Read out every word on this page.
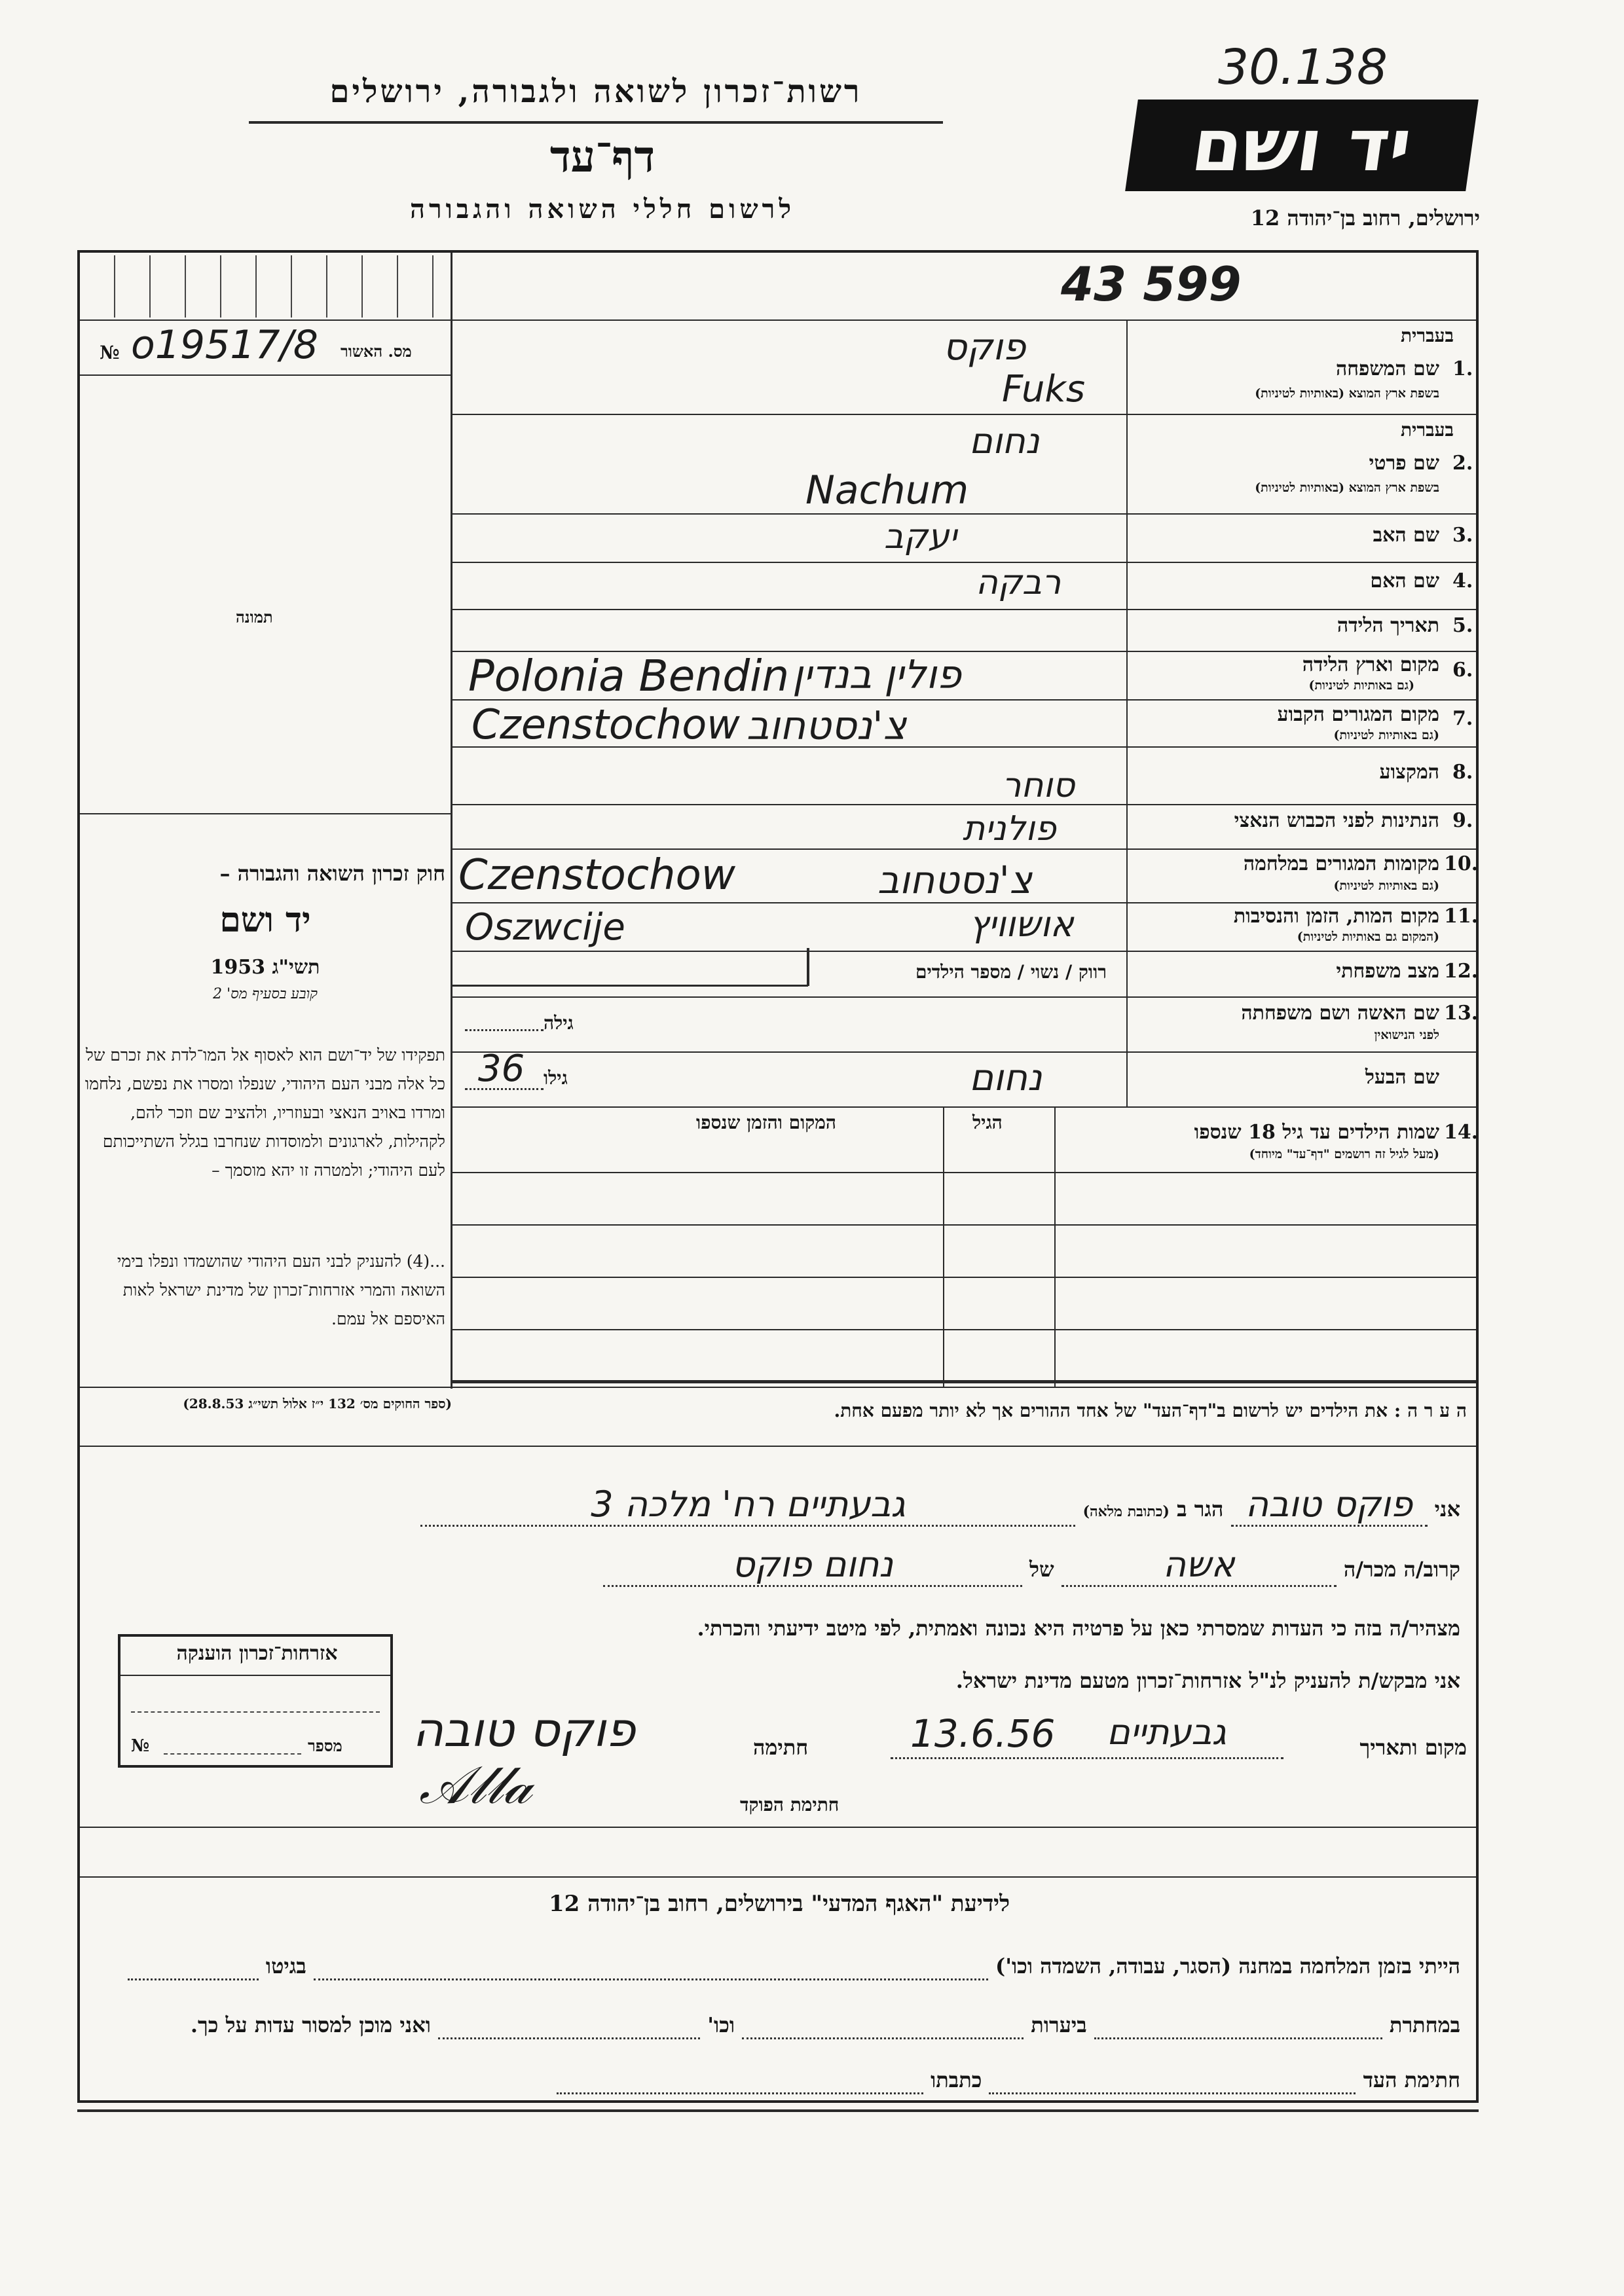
רשות־זכרון לשואה ולגבורה, ירושלים
דף־עד
לרשום חללי השואה והגבורה
30.138
יד ושם
ירושלים, רחוב בן־יהודה 12
43 599
№ o19517/8 מס. האשור
תמונה
חוק זכרון השואה והגבורה –
יד ושם
תשי"ג 1953
קובע בסעיף מס' 2
תפקידו של יד־ושם הוא לאסוף אל המו־לדת את זכרם של כל אלה מבני העם היהודי, שנפלו ומסרו את נפשם, נלחמו ומרדו באויב הנאצי ובעוזריו, ולהציב שם וזכר להם, לקהילות, לארגונים ולמוסדות שנחרבו בגלל השתייכותם לעם היהודי; ולמטרה זו יהא מוסמך –
...(4) להעניק לבני העם היהודי שהושמדו ונפלו בימי השואה והמרי אזרחות־זכרון של מדינת ישראל לאות האיספם אל עמם.
(ספר החוקים מס׳ 132 י״ז אלול תשי״ג 28.8.53)
בעברית
שם המשפחה 1.
בשפת ארץ המוצא (באותיות לטיניות)
פוקס
Fuks
בעברית
שם פרטי 2.
בשפת ארץ המוצא (באותיות לטיניות)
נחום
Nachum
שם האב 3.
יעקב
שם האם 4.
רבקה
תאריך הלידה 5.
מקום וארץ הלידה 6.
(גם באותיות לטיניות)
פולין בנדין
Polonia Bendin
מקום המגורים הקבוע 7.
(גם באותיות לטיניות)
צ'נסטחוב
Czenstochow
המקצוע 8.
סוחר
הנתינות לפני הכבוש הנאצי 9.
פולנית
מקומות המגורים במלחמה 10.
(גם באותיות לטיניות)
צ'נסטחוב
Czenstochow
מקום המות, הזמן והנסיבות 11.
(המקום גם באותיות לטיניות)
אושוויץ
Oszwcije
מצב משפחתי 12.
רווק / נשוי / מספר הילדים
שם האשה ושם משפחתה 13.
לפני הנישואין
גילה
שם הבעל
גילו
36	נחום
שמות הילדים עד גיל 18 שנספו 14.
(מעל לגיל זה רושמים "דף־עד" מיוחד)
הגיל
המקום והזמן שנספו
ה ע ר ה : את הילדים יש לרשום ב"דף־העד" של אחד ההורים אך לא יותר מפעם אחת.
אני פוקס טובה הגר ב (כתובת מלאה) גבעתיים רח' מלכה 3
קרוב/ה מכר/ה אשה של נחום פוקס
מצהיר/ה בזה כי העדות שמסרתי כאן על פרטיה היא נכונה ואמתית, לפי מיטב ידיעתי והכרתי.
אני מבקש/ת להעניק לנ"ל אזרחות־זכרון מטעם מדינת ישראל.
מקום ותאריך
גבעתיים
13.6.56
חתימה
פוקס טובה
𝒜𝓁𝓁𝒶	חתימת הפוקד
אזרחות־זכרון הוענקה
מספר
№
לידיעת "האגף המדעי" בירושלים, רחוב בן־יהודה 12
הייתי בזמן המלחמה במחנה (הסגר, עבודה, השמדה וכו')   בגיטו
במחתרת   ביערות   וכו'   ואני מוכן למסור עדות על כך.
חתימת העד   כתבתו
